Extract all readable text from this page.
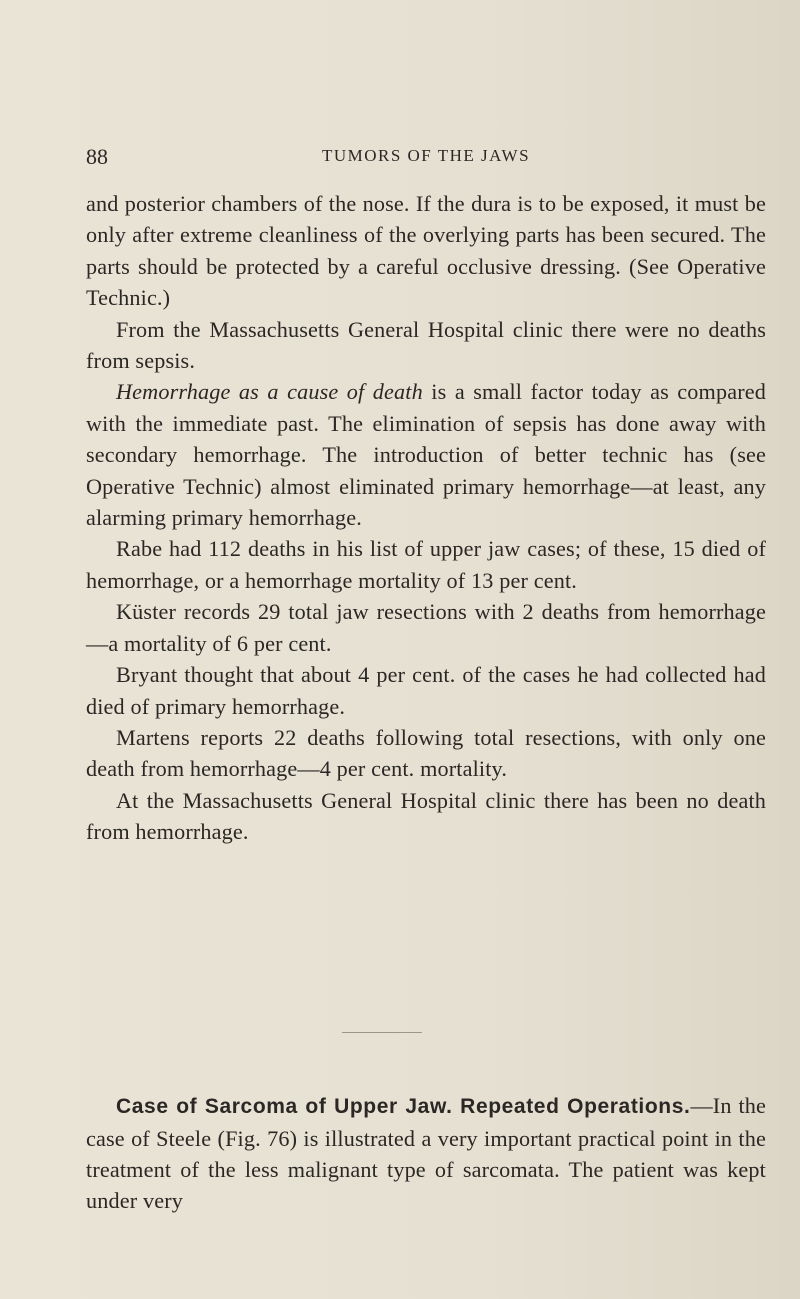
88	TUMORS OF THE JAWS

and posterior chambers of the nose. If the dura is to be exposed, it must be only after extreme cleanliness of the overlying parts has been secured. The parts should be protected by a careful occlusive dressing. (See Operative Technic.)

From the Massachusetts General Hospital clinic there were no deaths from sepsis.

Hemorrhage as a cause of death is a small factor today as compared with the immediate past. The elimination of sepsis has done away with secondary hemorrhage. The introduction of better technic has (see Operative Technic) almost eliminated primary hemorrhage—at least, any alarming primary hemorrhage.

Rabe had 112 deaths in his list of upper jaw cases; of these, 15 died of hemorrhage, or a hemorrhage mortality of 13 per cent.

Küster records 29 total jaw resections with 2 deaths from hemorrhage—a mortality of 6 per cent.

Bryant thought that about 4 per cent. of the cases he had collected had died of primary hemorrhage.

Martens reports 22 deaths following total resections, with only one death from hemorrhage—4 per cent. mortality.

At the Massachusetts General Hospital clinic there has been no death from hemorrhage.

Case of Sarcoma of Upper Jaw. Repeated Operations.—In the case of Steele (Fig. 76) is illustrated a very important practical point in the treatment of the less malignant type of sarcomata. The patient was kept under very
